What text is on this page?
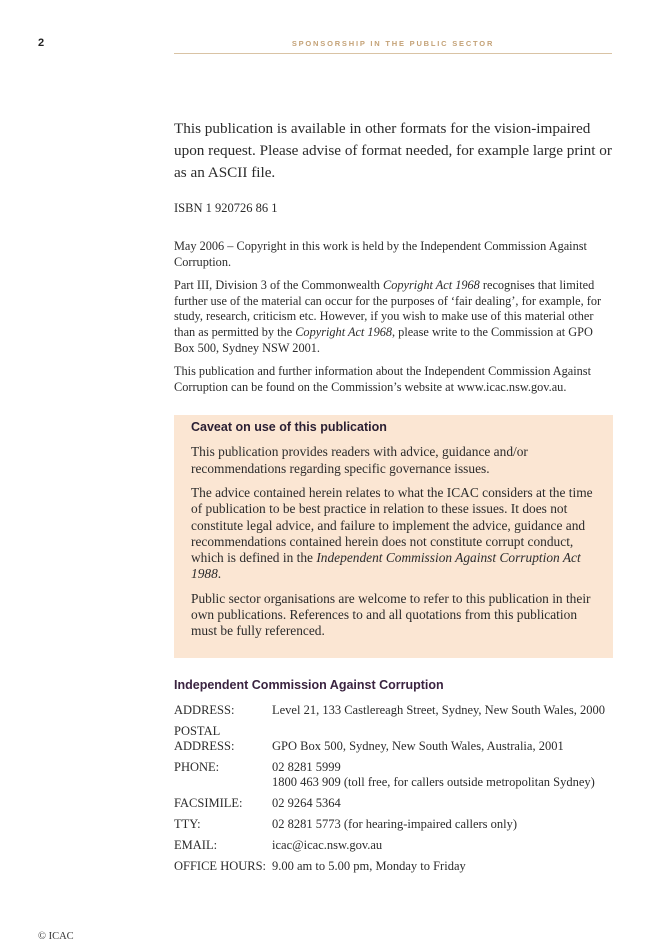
2	SPONSORSHIP IN THE PUBLIC SECTOR

This publication is available in other formats for the vision-impaired upon request. Please advise of format needed, for example large print or as an ASCII file.

ISBN 1 920726 86 1

May 2006 – Copyright in this work is held by the Independent Commission Against Corruption.

Part III, Division 3 of the Commonwealth Copyright Act 1968 recognises that limited further use of the material can occur for the purposes of ‘fair dealing’, for example, for study, research, criticism etc. However, if you wish to make use of this material other than as permitted by the Copyright Act 1968, please write to the Commission at GPO Box 500, Sydney NSW 2001.

This publication and further information about the Independent Commission Against Corruption can be found on the Commission’s website at www.icac.nsw.gov.au.

Caveat on use of this publication

This publication provides readers with advice, guidance and/or recommendations regarding specific governance issues.

The advice contained herein relates to what the ICAC considers at the time of publication to be best practice in relation to these issues. It does not constitute legal advice, and failure to implement the advice, guidance and recommendations contained herein does not constitute corrupt conduct, which is defined in the Independent Commission Against Corruption Act 1988.

Public sector organisations are welcome to refer to this publication in their own publications. References to and all quotations from this publication must be fully referenced.

Independent Commission Against Corruption
ADDRESS:	Level 21, 133 Castlereagh Street, Sydney, New South Wales, 2000
POSTAL
ADDRESS:	GPO Box 500, Sydney, New South Wales, Australia, 2001
PHONE:	02 8281 5999
1800 463 909 (toll free, for callers outside metropolitan Sydney)
FACSIMILE:	02 9264 5364
TTY:	02 8281 5773 (for hearing-impaired callers only)
EMAIL:	icac@icac.nsw.gov.au
OFFICE HOURS: 9.00 am to 5.00 pm, Monday to Friday
© ICAC
